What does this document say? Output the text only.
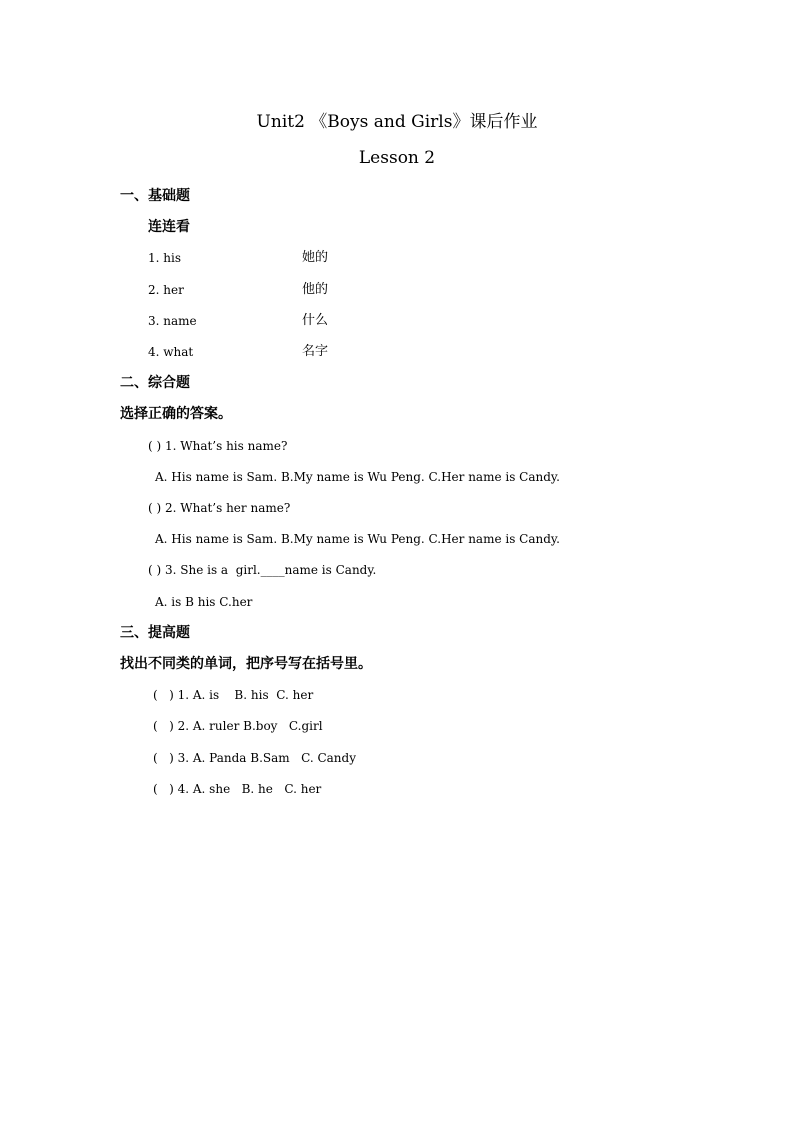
Unit2 《Boys and Girls》课后作业
Lesson 2
一、基础题
连连看
1. his	她的
2. her	他的
3. name	什么
4. what	名字
二、综合题
选择正确的答案。
( ) 1. What’s his name?
A. His name is Sam. B.My name is Wu Peng. C.Her name is Candy.
( ) 2. What’s her name?
A. His name is Sam. B.My name is Wu Peng. C.Her name is Candy.
( ) 3. She is a  girl.____name is Candy.
A. is B his C.her
三、提高题
找出不同类的单词，把序号写在括号里。
(   ) 1. A. is    B. his  C. her
(   ) 2. A. ruler B.boy   C.girl
(   ) 3. A. Panda B.Sam   C. Candy
(   ) 4. A. she   B. he   C. her
